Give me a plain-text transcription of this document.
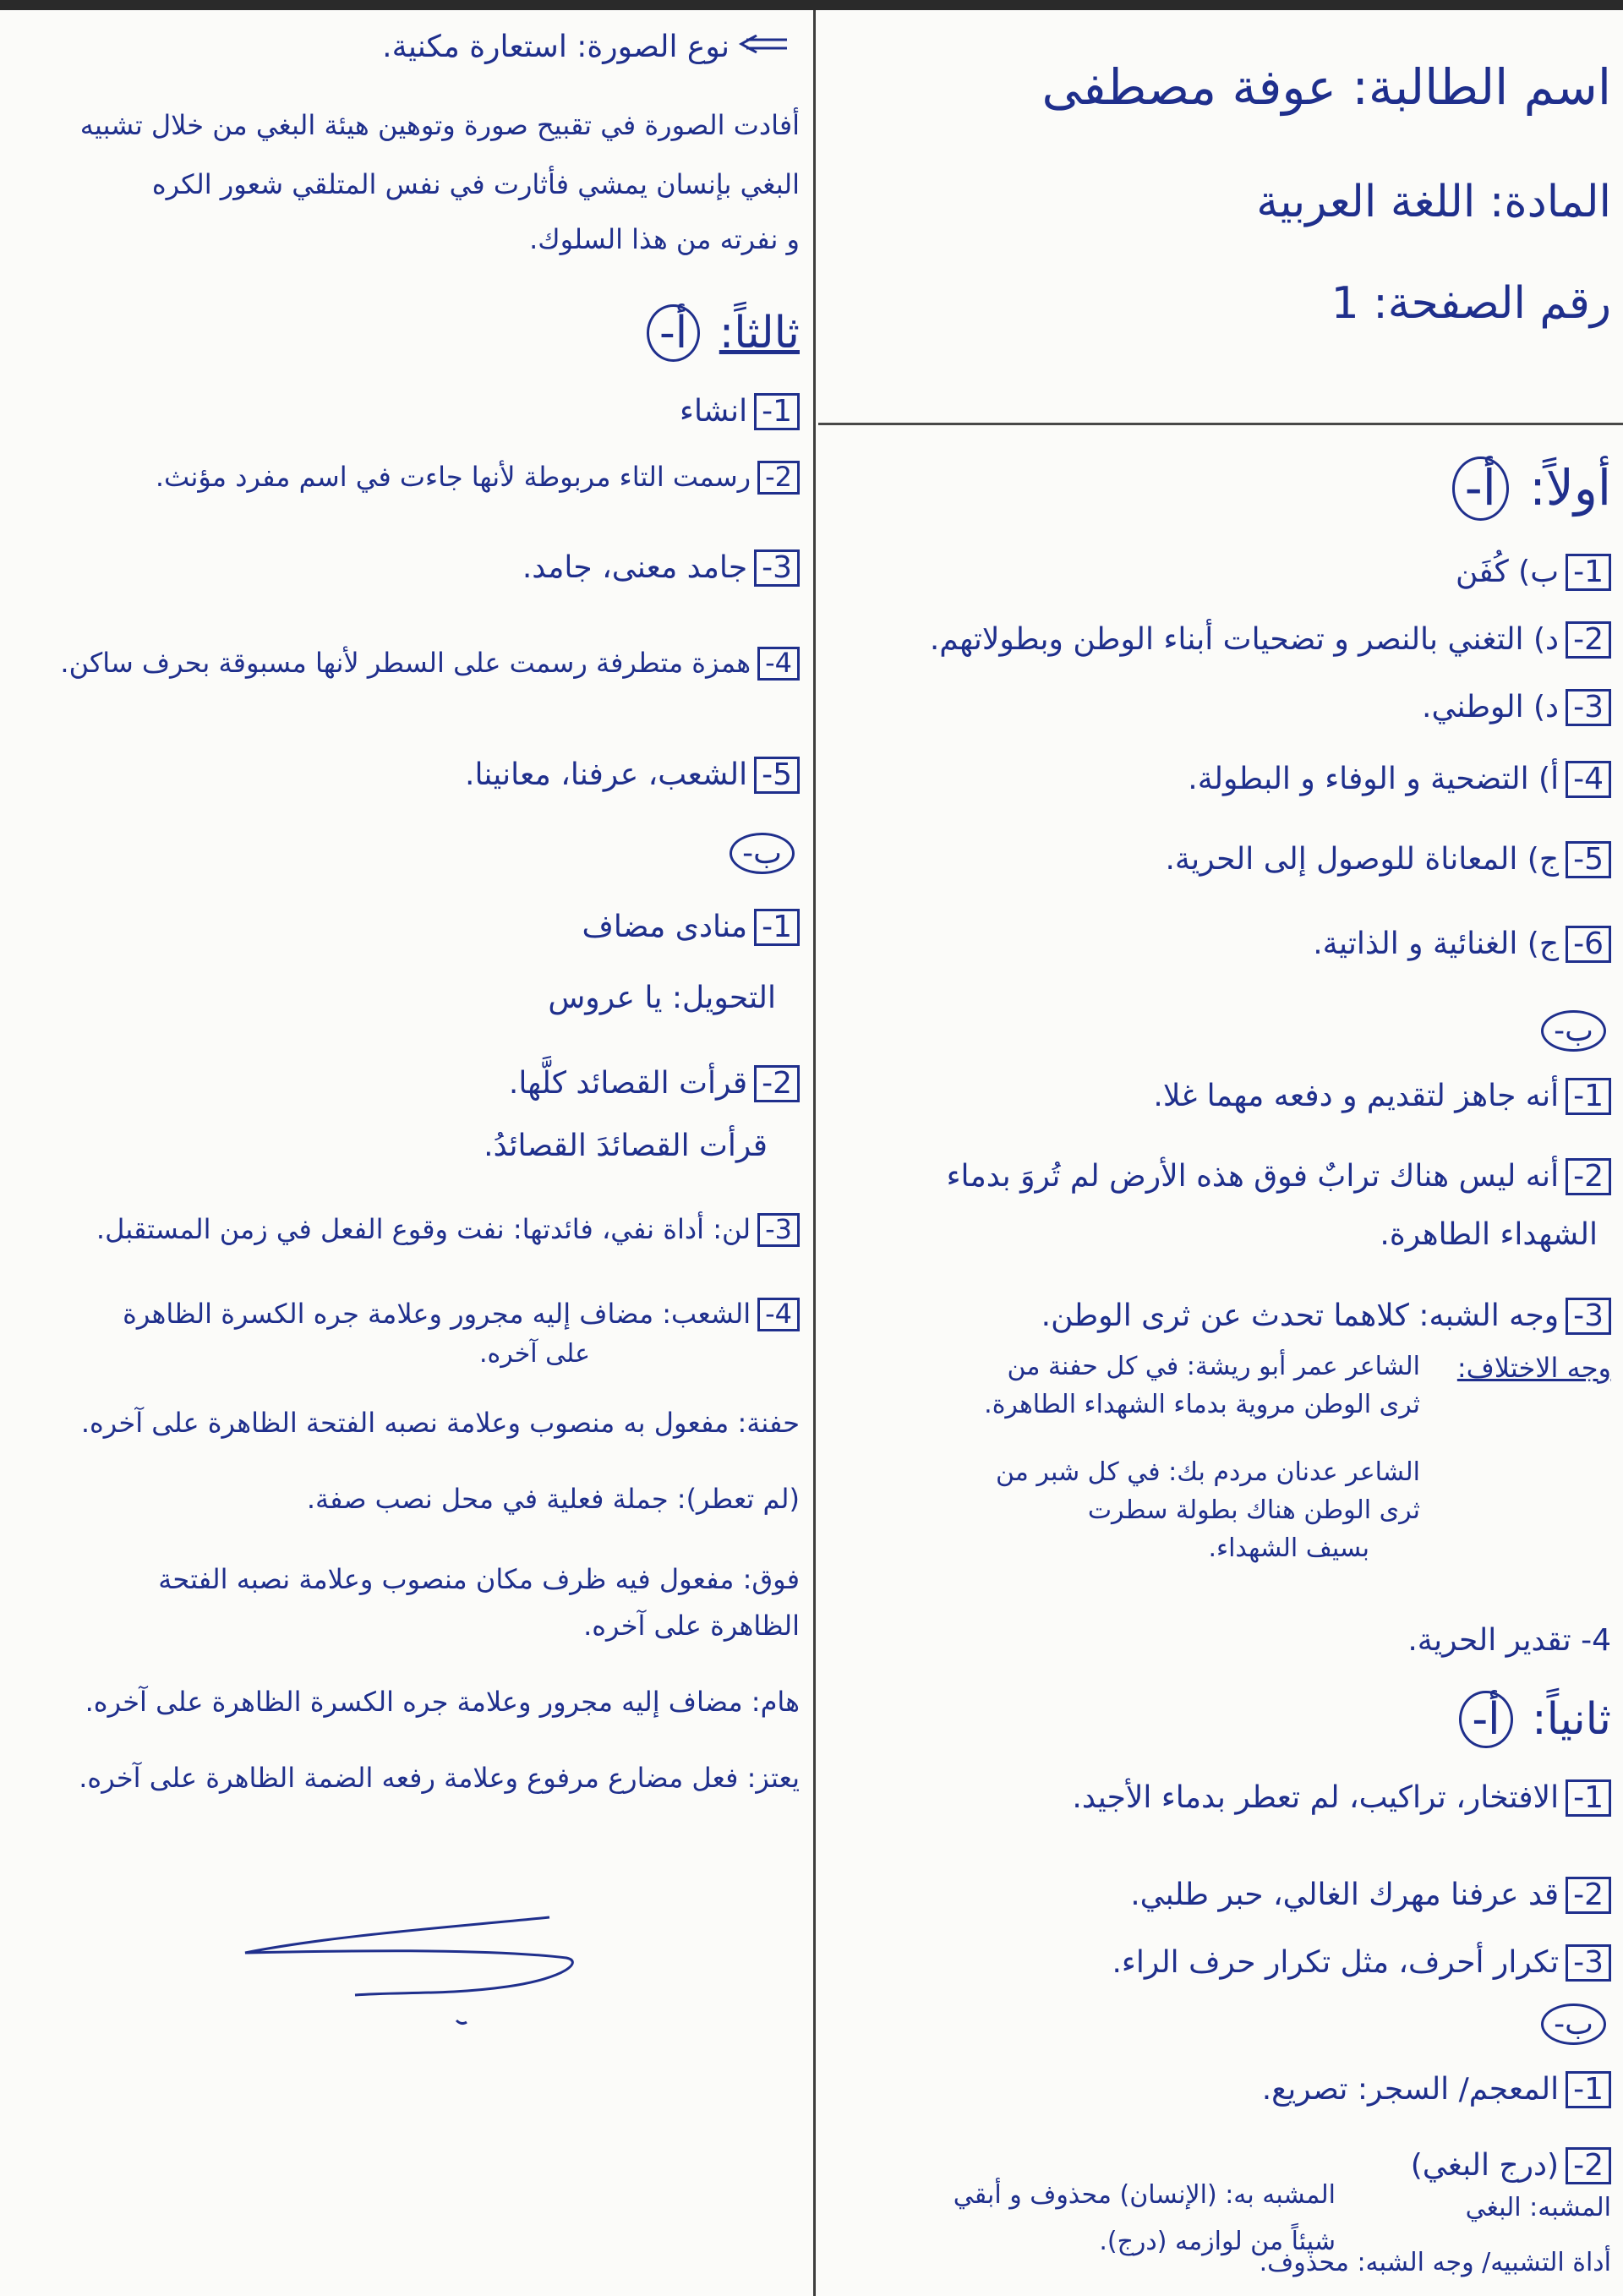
اسم الطالبة: عوفة مصطفى
المادة: اللغة العربية
رقم الصفحة: 1
أولاً: أ-
1-ب) كُفَن
2-د) التغني بالنصر و تضحيات أبناء الوطن وبطولاتهم.
3-د) الوطني.
4-أ) التضحية و الوفاء و البطولة.
5-ج) المعاناة للوصول إلى الحرية.
6-ج) الغنائية و الذاتية.
ب-
1-أنه جاهز لتقديم و دفعه مهما غلا.
2-أنه ليس هناك ترابٌ فوق هذه الأرض لم تُروَ بدماء
الشهداء الطاهرة.
3-وجه الشبه: كلاهما تحدث عن ثرى الوطن.
وجه الاختلاف:
الشاعر عمر أبو ريشة: في كل حفنة من
ثرى الوطن مروية بدماء الشهداء الطاهرة.
الشاعر عدنان مردم بك: في كل شبر من
ثرى الوطن هناك بطولة سطرت
بسيف الشهداء.
4- تقدير الحرية.
ثانياً: أ-
1-الافتخار، تراكيب، لم تعطر بدماء الأجيد.
2-قد عرفنا مهرك الغالي، حبر طلبي.
3-تكرار أحرف، مثل تكرار حرف الراء.
ب-
1-المعجم/ السجر: تصريع.
2-(درج البغي)
المشبه: البغي
أداة التشبيه/ وجه الشبه: محذوف.
المشبه به: (الإنسان) محذوف و أبقي
شيئاً من لوازمه (درج).
نوع الصورة: استعارة مكنية.
أفادت الصورة في تقبيح صورة وتوهين هيئة البغي من خلال تشبيه
البغي بإنسان يمشي فأثارت في نفس المتلقي شعور الكره
و نفرته من هذا السلوك.
ثالثاً: أ-
1-انشاء
2-رسمت التاء مربوطة لأنها جاءت في اسم مفرد مؤنث.
3-جامد معنى، جامد.
4-همزة متطرفة رسمت على السطر لأنها مسبوقة بحرف ساكن.
5-الشعب، عرفنا، معانينا.
ب-
1-منادى مضاف
التحويل: يا عروس
2-قرأت القصائد كلَّها.
قرأت القصائدَ القصائدُ.
3-لن: أداة نفي، فائدتها: نفت وقوع الفعل في زمن المستقبل.
4-الشعب: مضاف إليه مجرور وعلامة جره الكسرة الظاهرة
على آخره.
حفنة: مفعول به منصوب وعلامة نصبه الفتحة الظاهرة على آخره.
(لم تعطر): جملة فعلية في محل نصب صفة.
فوق: مفعول فيه ظرف مكان منصوب وعلامة نصبه الفتحة
الظاهرة على آخره.
هام: مضاف إليه مجرور وعلامة جره الكسرة الظاهرة على آخره.
يعتز: فعل مضارع مرفوع وعلامة رفعه الضمة الظاهرة على آخره.
